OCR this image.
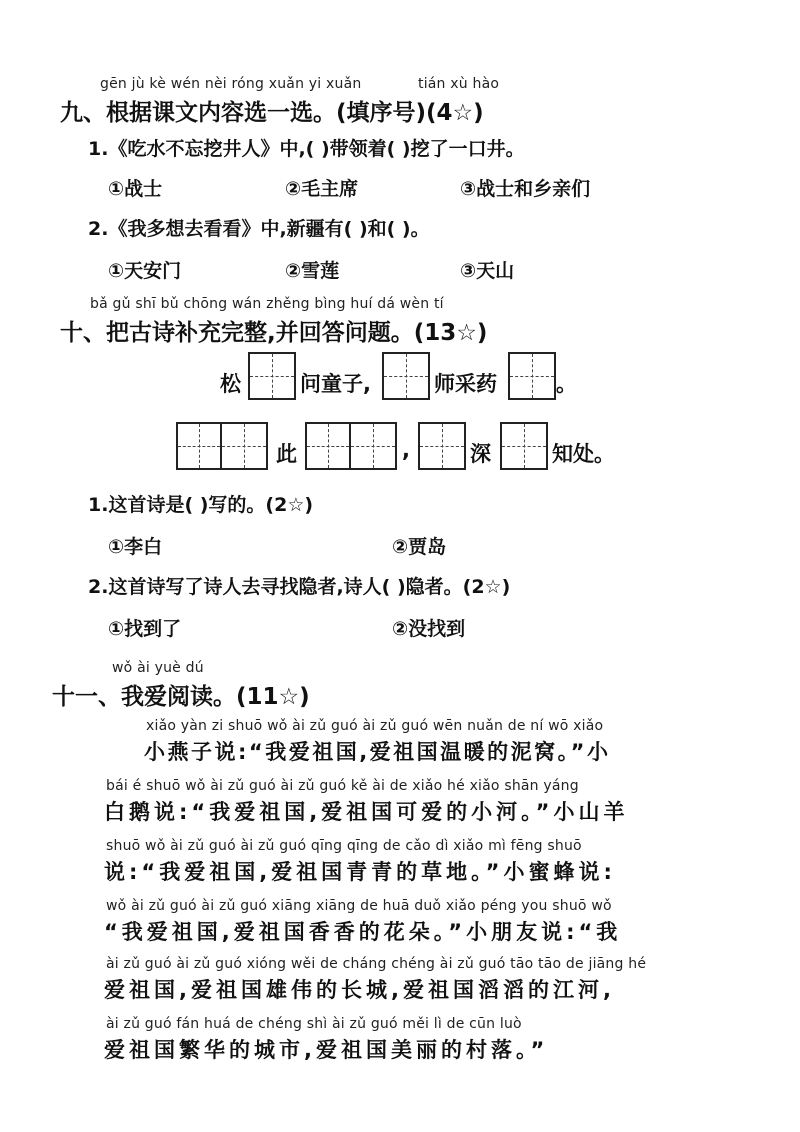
gēn jù kè wén nèi róng xuǎn yi xuǎn	tián xù hào
九、根据课文内容选一选。(填序号)(4☆)
1.《吃水不忘挖井人》中,( )带领着( )挖了一口井。
①战士	②毛主席	③战士和乡亲们
2.《我多想去看看》中,新疆有( )和( )。
①天安门	②雪莲	③天山
bǎ gǔ shī bǔ chōng wán zhěng bìng huí dá wèn tí
十、把古诗补充完整,并回答问题。(13☆)
松	问童子,	师采药	。
此	,	深	知处。
1.这首诗是( )写的。(2☆)
①李白	②贾岛
2.这首诗写了诗人去寻找隐者,诗人( )隐者。(2☆)
①找到了	②没找到
wǒ ài yuè dú
十一、我爱阅读。(11☆)
xiǎo yàn zi shuō wǒ ài zǔ guó ài zǔ guó wēn nuǎn de ní wō xiǎo
小燕子说:“我爱祖国,爱祖国温暖的泥窝。”小
bái é shuō wǒ ài zǔ guó ài zǔ guó kě ài de xiǎo hé xiǎo shān yáng
白鹅说:“我爱祖国,爱祖国可爱的小河。”小山羊
shuō wǒ ài zǔ guó ài zǔ guó qīng qīng de cǎo dì xiǎo mì fēng shuō
说:“我爱祖国,爱祖国青青的草地。”小蜜蜂说:
wǒ ài zǔ guó ài zǔ guó xiāng xiāng de huā duǒ xiǎo péng you shuō wǒ
“我爱祖国,爱祖国香香的花朵。”小朋友说:“我
ài zǔ guó ài zǔ guó xióng wěi de cháng chéng ài zǔ guó tāo tāo de jiāng hé
爱祖国,爱祖国雄伟的长城,爱祖国滔滔的江河,
ài zǔ guó fán huá de chéng shì ài zǔ guó měi lì de cūn luò
爱祖国繁华的城市,爱祖国美丽的村落。”
